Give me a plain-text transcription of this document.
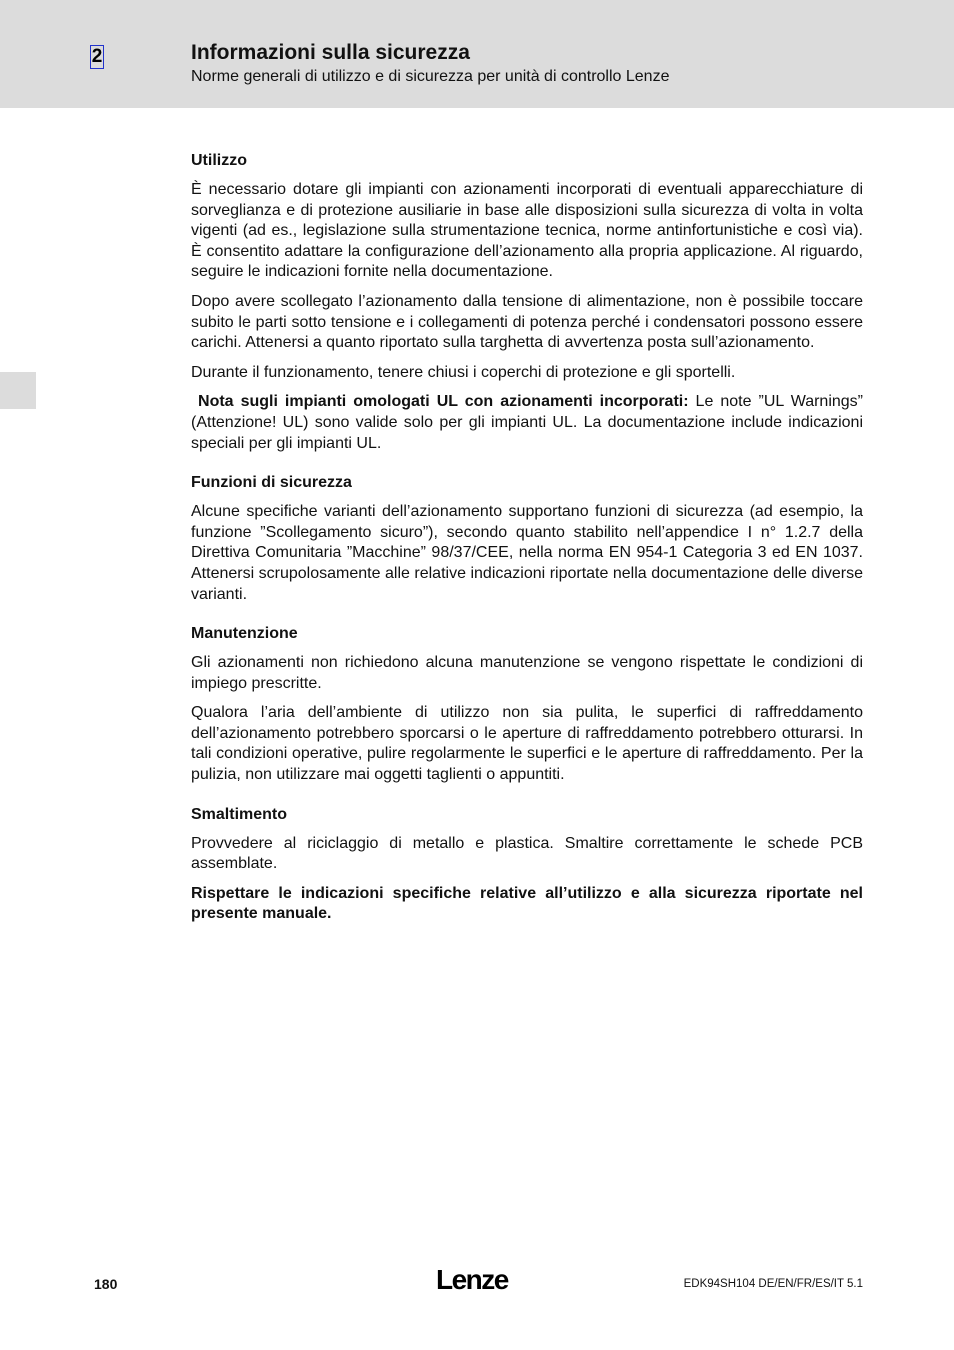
2	Informazioni sulla sicurezza
Norme generali di utilizzo e di sicurezza per unità di controllo Lenze
Utilizzo

È necessario dotare gli impianti con azionamenti incorporati di eventuali apparecchiature di sorveglianza e di protezione ausiliarie in base alle disposizioni sulla sicurezza di volta in volta vigenti (ad es., legislazione sulla strumentazione tecnica, norme antinfortunistiche e così via). È consentito adattare la configurazione dell’azionamento alla propria applicazione. Al riguardo, seguire le indicazioni fornite nella documentazione.

Dopo avere scollegato l’azionamento dalla tensione di alimentazione, non è possibile toccare subito le parti sotto tensione e i collegamenti di potenza perché i condensatori possono essere carichi. Attenersi a quanto riportato sulla targhetta di avvertenza posta sull’azionamento.

Durante il funzionamento, tenere chiusi i coperchi di protezione e gli sportelli.

Nota sugli impianti omologati UL con azionamenti incorporati: Le note ”UL Warnings” (Attenzione! UL) sono valide solo per gli impianti UL. La documentazione include indicazioni speciali per gli impianti UL.

Funzioni di sicurezza

Alcune specifiche varianti dell’azionamento supportano funzioni di sicurezza (ad esempio, la funzione ”Scollegamento sicuro”), secondo quanto stabilito nell’appendice I n° 1.2.7 della Direttiva Comunitaria ”Macchine” 98/37/CEE, nella norma EN 954-1 Categoria 3 ed EN 1037. Attenersi scrupolosamente alle relative indicazioni riportate nella documentazione delle diverse varianti.

Manutenzione

Gli azionamenti non richiedono alcuna manutenzione se vengono rispettate le condizioni di impiego prescritte.

Qualora l’aria dell’ambiente di utilizzo non sia pulita, le superfici di raffreddamento dell’azionamento potrebbero sporcarsi o le aperture di raffreddamento potrebbero otturarsi. In tali condizioni operative, pulire regolarmente le superfici e le aperture di raffreddamento. Per la pulizia, non utilizzare mai oggetti taglienti o appuntiti.

Smaltimento

Provvedere al riciclaggio di metallo e plastica. Smaltire correttamente le schede PCB assemblate.

Rispettare le indicazioni specifiche relative all’utilizzo e alla sicurezza riportate nel presente manuale.

180	Lenze	EDK94SH104 DE/EN/FR/ES/IT 5.1
